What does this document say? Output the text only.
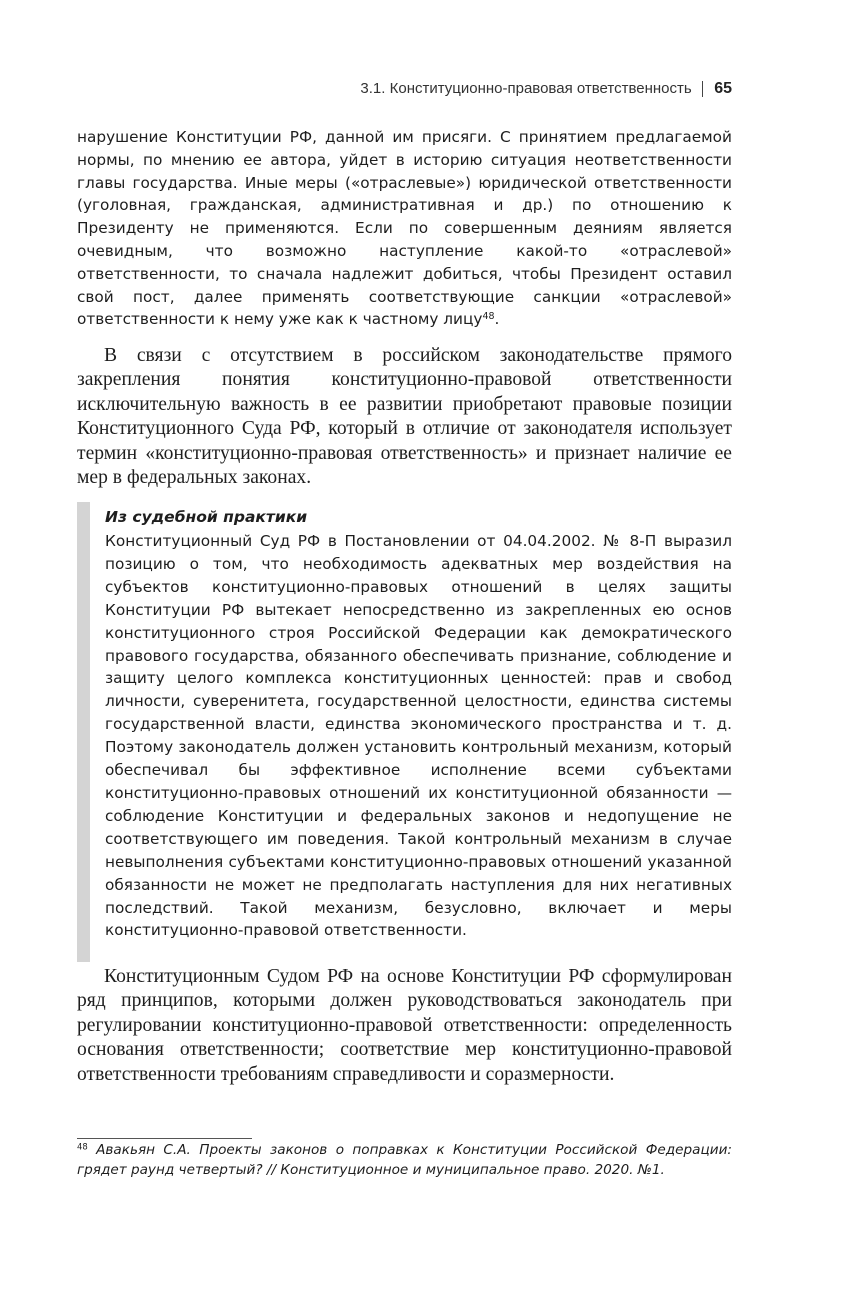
3.1. Конституционно-правовая ответственность 65
нарушение Конституции РФ, данной им присяги. С принятием предлагаемой нормы, по мнению ее автора, уйдет в историю ситуация неответственности главы государства. Иные меры («отраслевые») юридической ответственности (уголовная, гражданская, административная и др.) по отношению к Президенту не применяются. Если по совершенным деяниям является очевидным, что возможно наступление какой-то «отраслевой» ответственности, то сначала надлежит добиться, чтобы Президент оставил свой пост, далее применять соответствующие санкции «отраслевой» ответственности к нему уже как к частному лицу$^{48}$.
В связи с отсутствием в российском законодательстве прямого закрепления понятия конституционно-правовой ответственности исключительную важность в ее развитии приобретают правовые позиции Конституционного Суда РФ, который в отличие от законодателя использует термин «конституционно-правовая ответственность» и признает наличие ее мер в федеральных законах.
Из судебной практики
Конституционный Суд РФ в Постановлении от 04.04.2002. № 8-П выразил позицию о том, что необходимость адекватных мер воздействия на субъектов конституционно-правовых отношений в целях защиты Конституции РФ вытекает непосредственно из закрепленных ею основ конституционного строя Российской Федерации как демократического правового государства, обязанного обеспечивать признание, соблюдение и защиту целого комплекса конституционных ценностей: прав и свобод личности, суверенитета, государственной целостности, единства системы государственной власти, единства экономического пространства и т. д. Поэтому законодатель должен установить контрольный механизм, который обеспечивал бы эффективное исполнение всеми субъектами конституционно-правовых отношений их конституционной обязанности — соблюдение Конституции и федеральных законов и недопущение не соответствующего им поведения. Такой контрольный механизм в случае невыполнения субъектами конституционно-правовых отношений указанной обязанности не может не предполагать наступления для них негативных последствий. Такой механизм, безусловно, включает и меры конституционно-правовой ответственности.
Конституционным Судом РФ на основе Конституции РФ сформулирован ряд принципов, которыми должен руководствоваться законодатель при регулировании конституционно-правовой ответственности: определенность основания ответственности; соответствие мер конституционно-правовой ответственности требованиям справедливости и соразмерности.
$^{48}$ Авакьян С.А. Проекты законов о поправках к Конституции Российской Федерации: грядет раунд четвертый? // Конституционное и муниципальное право. 2020. №1.
